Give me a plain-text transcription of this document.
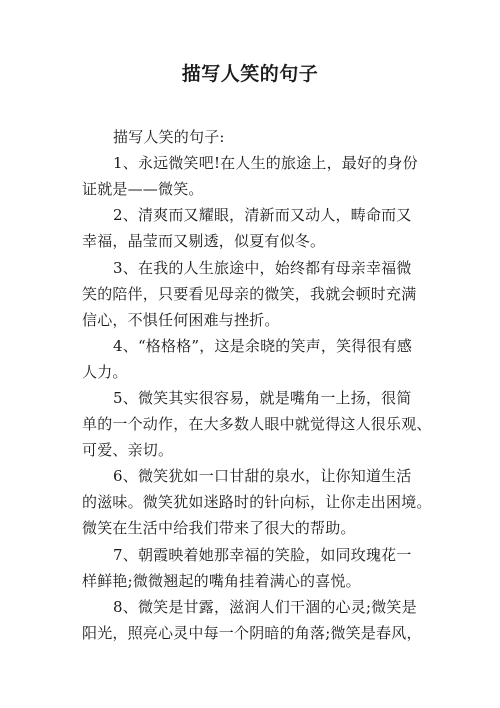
描写人笑的句子
描写人笑的句子:
1、永远微笑吧!在人生的旅途上，最好的身份
证就是——微笑。
2、清爽而又耀眼，清新而又动人，畴命而又
幸福，晶莹而又剔透，似夏有似冬。
3、在我的人生旅途中，始终都有母亲幸福微
笑的陪伴，只要看见母亲的微笑，我就会顿时充满
信心，不惧任何困难与挫折。
4、“格格格”，这是余晓的笑声，笑得很有感
人力。
5、微笑其实很容易，就是嘴角一上扬，很简
单的一个动作，在大多数人眼中就觉得这人很乐观、
可爱、亲切。
6、微笑犹如一口甘甜的泉水，让你知道生活
的滋味。微笑犹如迷路时的针向标，让你走出困境。
微笑在生活中给我们带来了很大的帮助。
7、朝霞映着她那幸福的笑脸，如同玫瑰花一
样鲜艳;微微翘起的嘴角挂着满心的喜悦。
8、微笑是甘露，滋润人们干涸的心灵;微笑是
阳光，照亮心灵中每一个阴暗的角落;微笑是春风，
